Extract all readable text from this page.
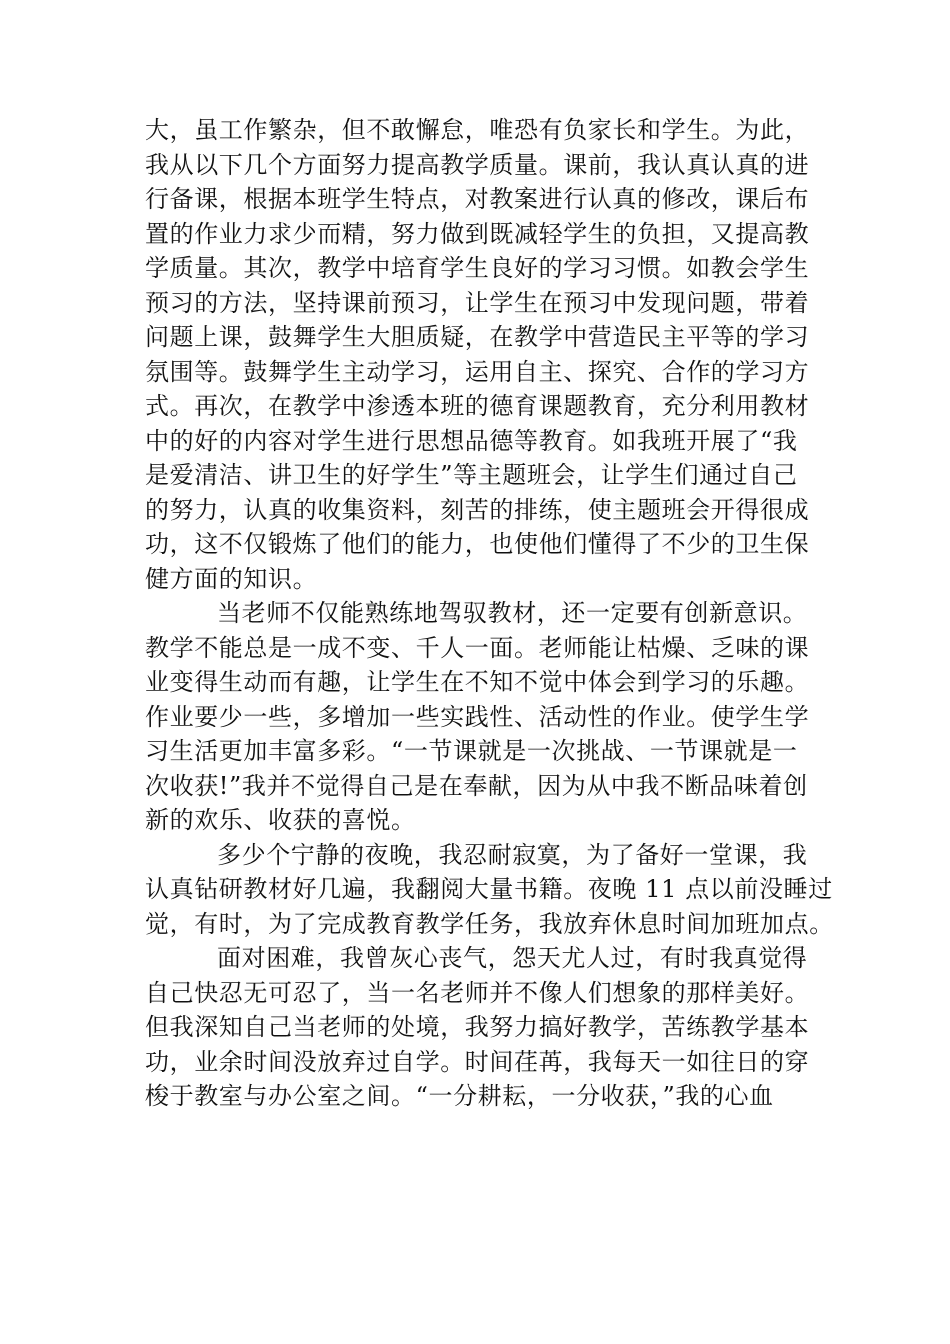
大，虽工作繁杂，但不敢懈怠，唯恐有负家长和学生。为此，
我从以下几个方面努力提高教学质量。课前，我认真认真的进
行备课，根据本班学生特点，对教案进行认真的修改，课后布
置的作业力求少而精，努力做到既减轻学生的负担，又提高教
学质量。其次，教学中培育学生良好的学习习惯。如教会学生
预习的方法，坚持课前预习，让学生在预习中发现问题，带着
问题上课，鼓舞学生大胆质疑，在教学中营造民主平等的学习
氛围等。鼓舞学生主动学习，运用自主、探究、合作的学习方
式。再次，在教学中渗透本班的德育课题教育，充分利用教材
中的好的内容对学生进行思想品德等教育。如我班开展了“我
是爱清洁、讲卫生的好学生”等主题班会，让学生们通过自己
的努力，认真的收集资料，刻苦的排练，使主题班会开得很成
功，这不仅锻炼了他们的能力，也使他们懂得了不少的卫生保
健方面的知识。
当老师不仅能熟练地驾驭教材，还一定要有创新意识。
教学不能总是一成不变、千人一面。老师能让枯燥、乏味的课
业变得生动而有趣，让学生在不知不觉中体会到学习的乐趣。
作业要少一些，多增加一些实践性、活动性的作业。使学生学
习生活更加丰富多彩。“一节课就是一次挑战、一节课就是一
次收获!”我并不觉得自己是在奉献，因为从中我不断品味着创
新的欢乐、收获的喜悦。
多少个宁静的夜晚，我忍耐寂寞，为了备好一堂课，我
认真钻研教材好几遍，我翻阅大量书籍。夜晚 11 点以前没睡过
觉，有时，为了完成教育教学任务，我放弃休息时间加班加点。
面对困难，我曾灰心丧气，怨天尤人过，有时我真觉得
自己快忍无可忍了，当一名老师并不像人们想象的那样美好。
但我深知自己当老师的处境，我努力搞好教学，苦练教学基本
功，业余时间没放弃过自学。时间荏苒，我每天一如往日的穿
梭于教室与办公室之间。“一分耕耘，一分收获，”我的心血
